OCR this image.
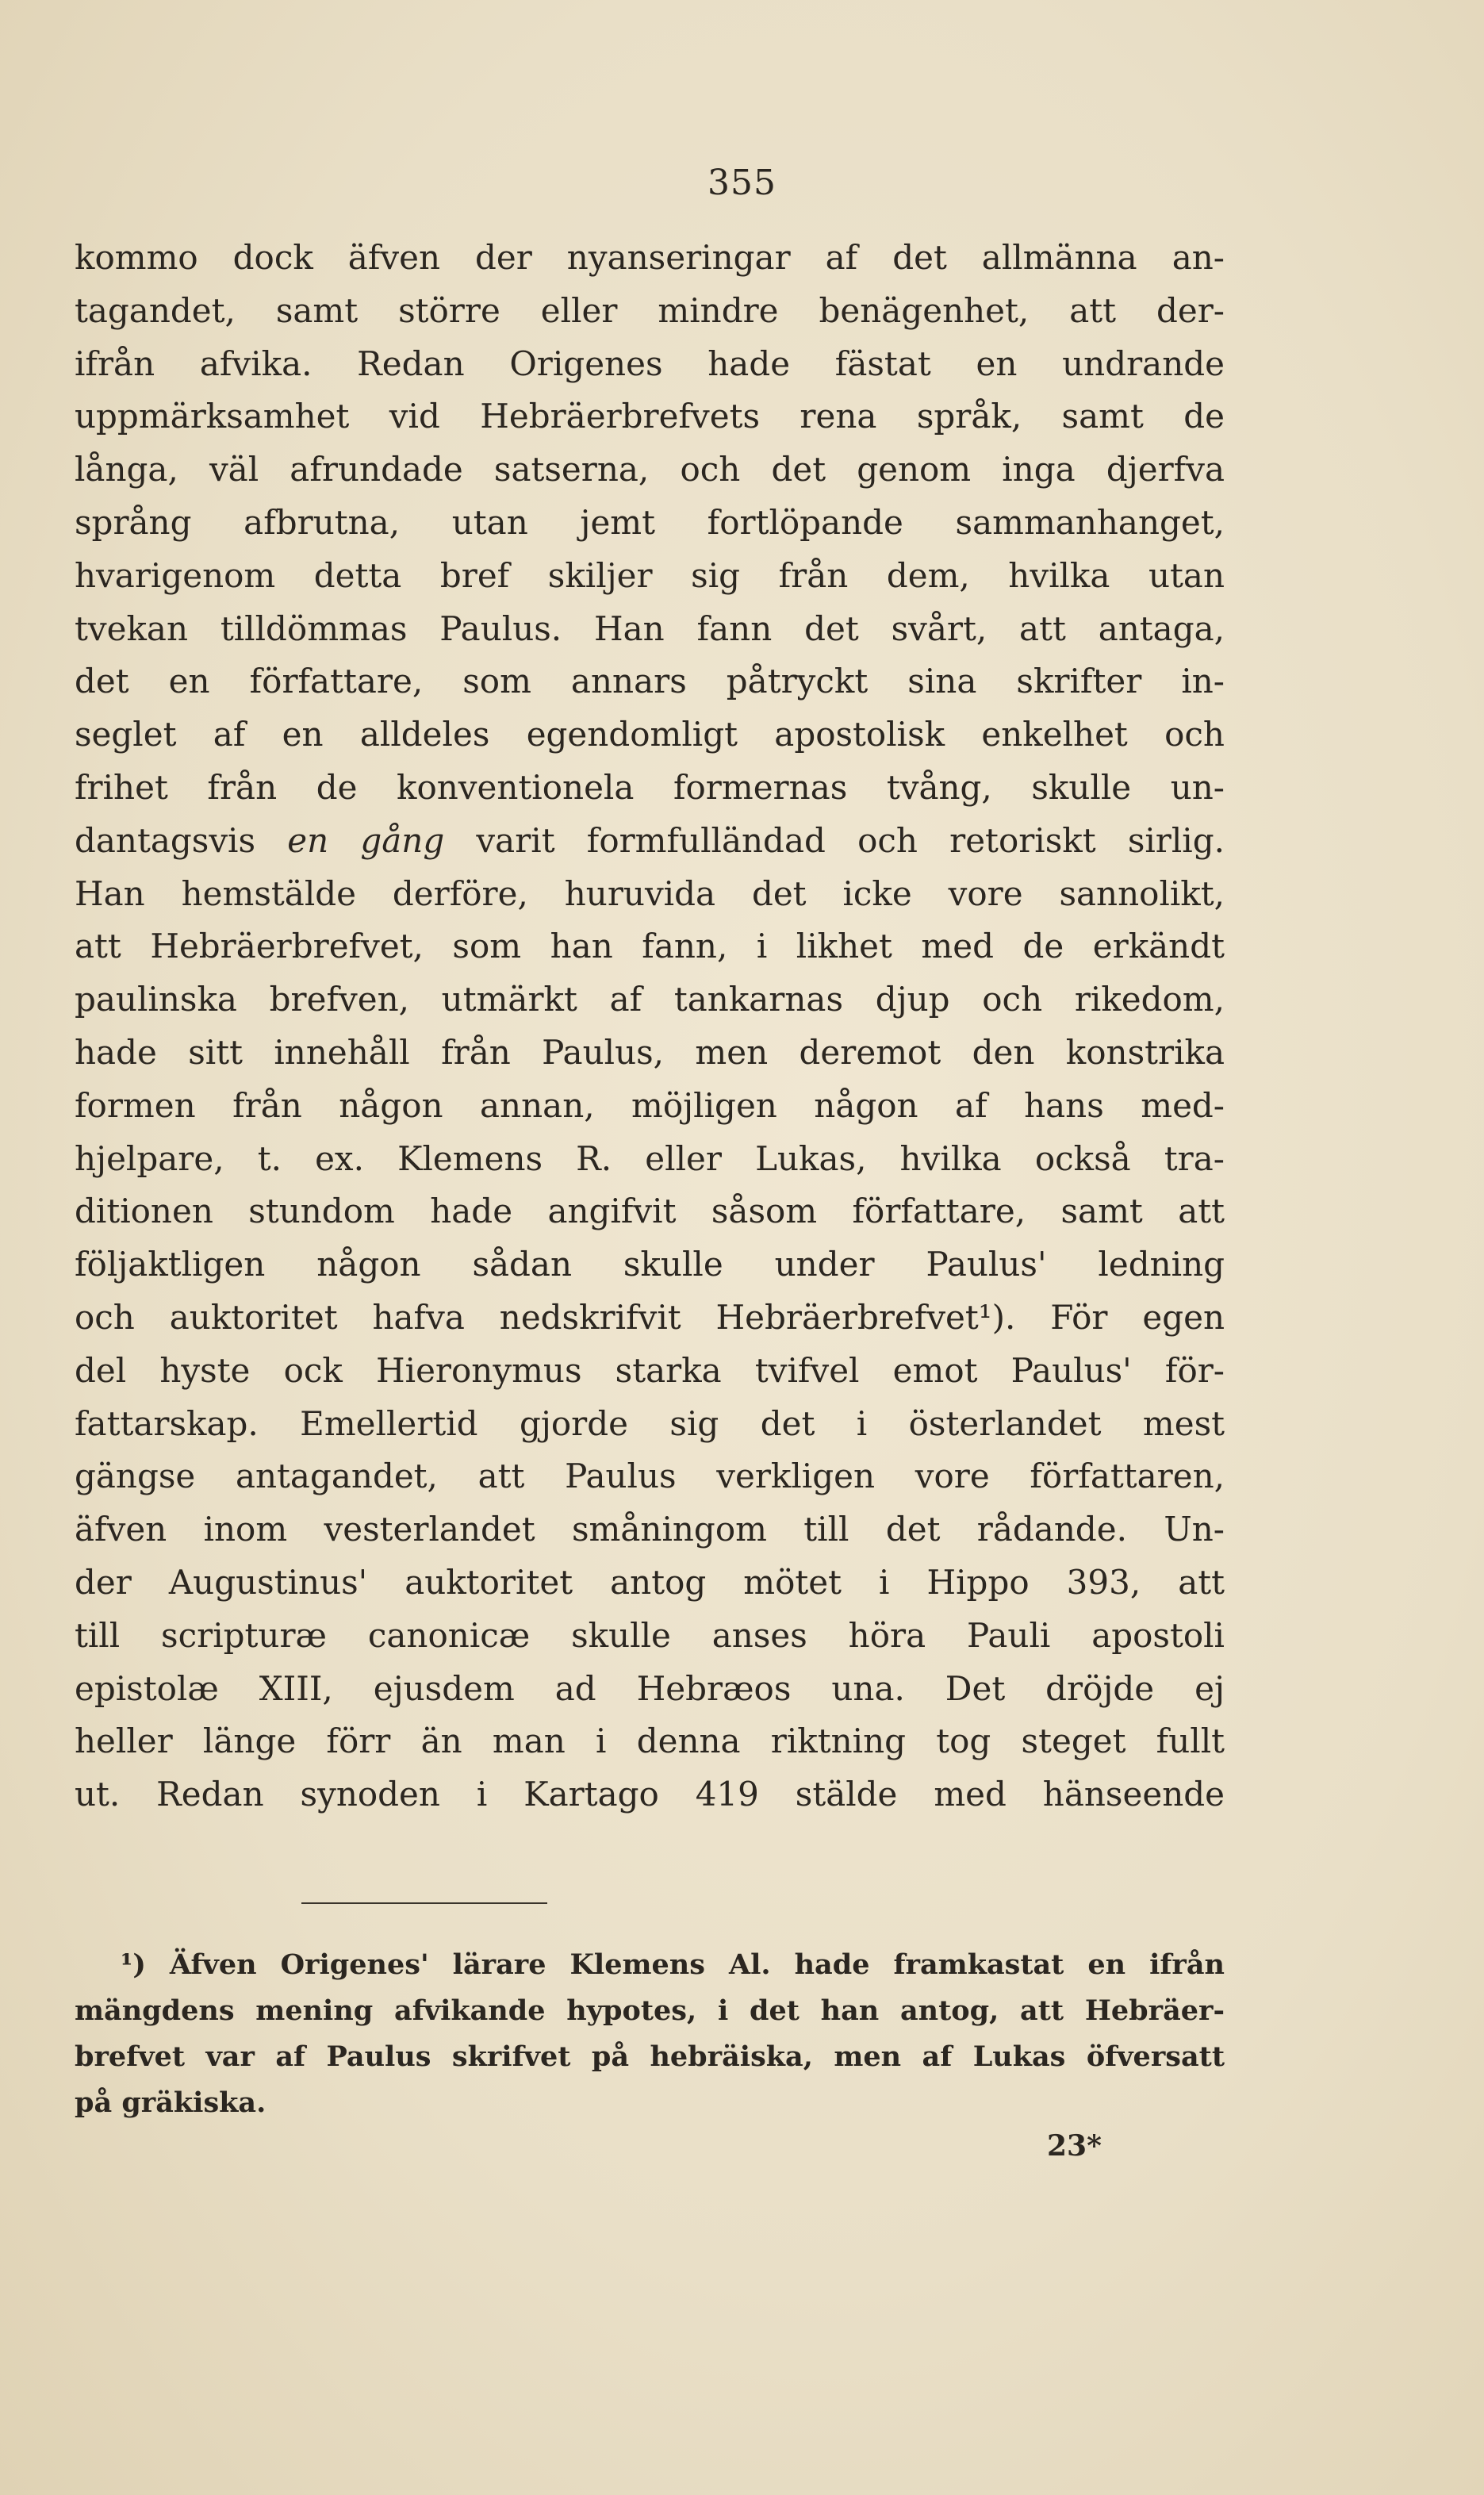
355
kommo dock äfven der nyanseringar af det allmänna an-
tagandet, samt större eller mindre benägenhet, att der-
ifrån afvika. Redan Origenes hade fästat en undrande
uppmärksamhet vid Hebräerbrefvets rena språk, samt de
långa, väl afrundade satserna, och det genom inga djerfva
språng afbrutna, utan jemt fortlöpande sammanhanget,
hvarigenom detta bref skiljer sig från dem, hvilka utan
tvekan tilldömmas Paulus. Han fann det svårt, att antaga,
det en författare, som annars påtryckt sina skrifter in-
seglet af en alldeles egendomligt apostolisk enkelhet och
frihet från de konventionela formernas tvång, skulle un-
dantagsvis en gång varit formfulländad och retoriskt sirlig.
Han hemstälde derföre, huruvida det icke vore sannolikt,
att Hebräerbrefvet, som han fann, i likhet med de erkändt
paulinska brefven, utmärkt af tankarnas djup och rikedom,
hade sitt innehåll från Paulus, men deremot den konstrika
formen från någon annan, möjligen någon af hans med-
hjelpare, t. ex. Klemens R. eller Lukas, hvilka också tra-
ditionen stundom hade angifvit såsom författare, samt att
följaktligen någon sådan skulle under Paulus' ledning
och auktoritet hafva nedskrifvit Hebräerbrefvet¹). För egen
del hyste ock Hieronymus starka tvifvel emot Paulus' för-
fattarskap. Emellertid gjorde sig det i österlandet mest
gängse antagandet, att Paulus verkligen vore författaren,
äfven inom vesterlandet småningom till det rådande. Un-
der Augustinus' auktoritet antog mötet i Hippo 393, att
till scripturæ canonicæ skulle anses höra Pauli apostoli
epistolæ XIII, ejusdem ad Hebræos una. Det dröjde ej
heller länge förr än man i denna riktning tog steget fullt
ut. Redan synoden i Kartago 419 stälde med hänseende
¹) Äfven Origenes' lärare Klemens Al. hade framkastat en ifrån
mängdens mening afvikande hypotes, i det han antog, att Hebräer-
brefvet var af Paulus skrifvet på hebräiska, men af Lukas öfversatt
på gräkiska.
23*
